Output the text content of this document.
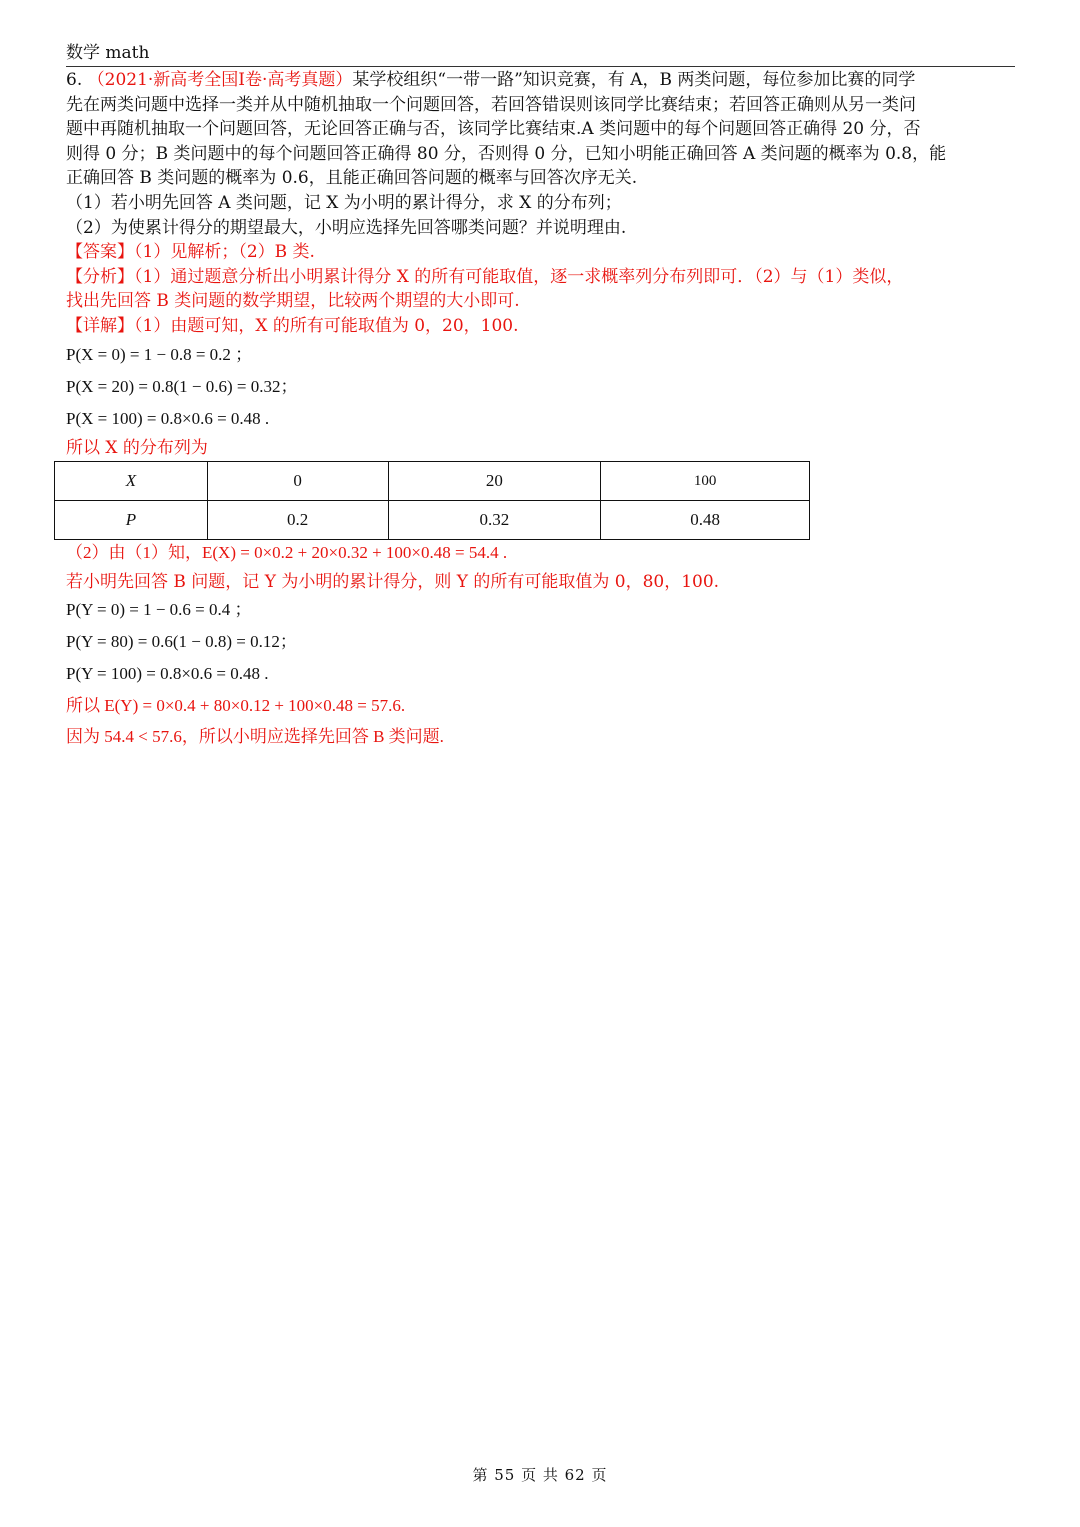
数学 math
6. （2021·新高考全国Ⅰ卷·高考真题）某学校组织“一带一路”知识竞赛，有 A，B 两类问题，每位参加比赛的同学
先在两类问题中选择一类并从中随机抽取一个问题回答，若回答错误则该同学比赛结束；若回答正确则从另一类问
题中再随机抽取一个问题回答，无论回答正确与否，该同学比赛结束.A 类问题中的每个问题回答正确得 20 分，否
则得 0 分；B 类问题中的每个问题回答正确得 80 分，否则得 0 分，已知小明能正确回答 A 类问题的概率为 0.8，能
正确回答 B 类问题的概率为 0.6，且能正确回答问题的概率与回答次序无关.
（1）若小明先回答 A 类问题，记 X 为小明的累计得分，求 X 的分布列；
（2）为使累计得分的期望最大，小明应选择先回答哪类问题？并说明理由.
【答案】（1）见解析；（2）B 类.
【分析】（1）通过题意分析出小明累计得分 X 的所有可能取值，逐一求概率列分布列即可．（2）与（1）类似，
找出先回答 B 类问题的数学期望，比较两个期望的大小即可.
【详解】（1）由题可知，X 的所有可能取值为 0，20，100.
P(X = 0) = 1 − 0.8 = 0.2 ；
P(X = 20) = 0.8(1 − 0.6) = 0.32；
P(X = 100) = 0.8×0.6 = 0.48 .
所以 X 的分布列为
X	0	20	100
P	0.2	0.32	0.48
（2）由（1）知，E(X) = 0×0.2 + 20×0.32 + 100×0.48 = 54.4 .
若小明先回答 B 问题，记 Y 为小明的累计得分，则 Y 的所有可能取值为 0，80，100.
P(Y = 0) = 1 − 0.6 = 0.4 ；
P(Y = 80) = 0.6(1 − 0.8) = 0.12；
P(Y = 100) = 0.8×0.6 = 0.48 .
所以 E(Y) = 0×0.4 + 80×0.12 + 100×0.48 = 57.6.
因为 54.4 < 57.6，所以小明应选择先回答 B 类问题.
第 55 页 共 62 页
